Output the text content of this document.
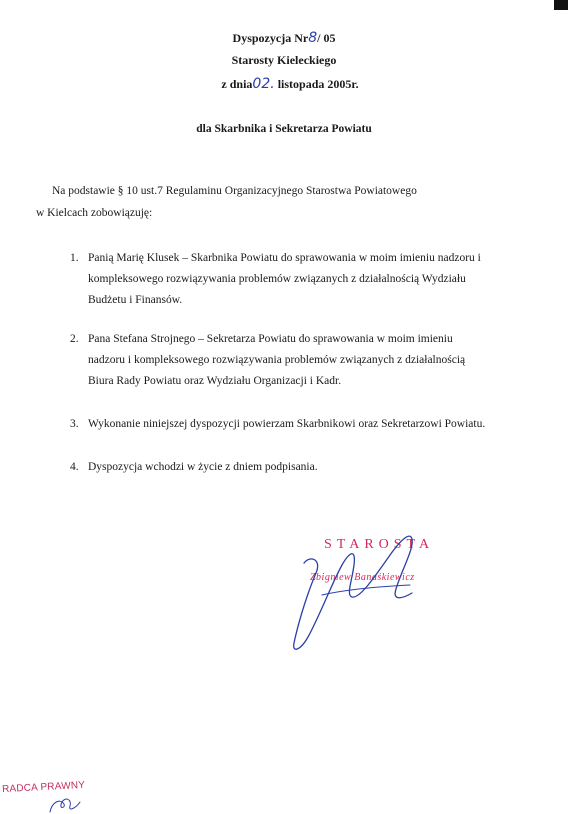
Dyspozycja Nr8/ 05
Starosty Kieleckiego
z dnia02. listopada 2005r.
dla Skarbnika i Sekretarza Powiatu
Na podstawie § 10 ust.7 Regulaminu Organizacyjnego Starostwa Powiatowego
w Kielcach zobowiązuję:
1. Panią Marię Klusek – Skarbnika Powiatu do sprawowania w moim imieniu nadzoru i
kompleksowego rozwiązywania problemów związanych z działalnością Wydziału
Budżetu i Finansów.
2. Pana Stefana Strojnego – Sekretarza Powiatu do sprawowania w moim imieniu
nadzoru i kompleksowego rozwiązywania problemów związanych z działalnością
Biura Rady Powiatu oraz Wydziału Organizacji i Kadr.
3. Wykonanie niniejszej dyspozycji powierzam Skarbnikowi oraz Sekretarzowi Powiatu.
4. Dyspozycja wchodzi w życie z dniem podpisania.
STAROSTA
Zbigniew Banaśkiewicz
RADCA PRAWNY
